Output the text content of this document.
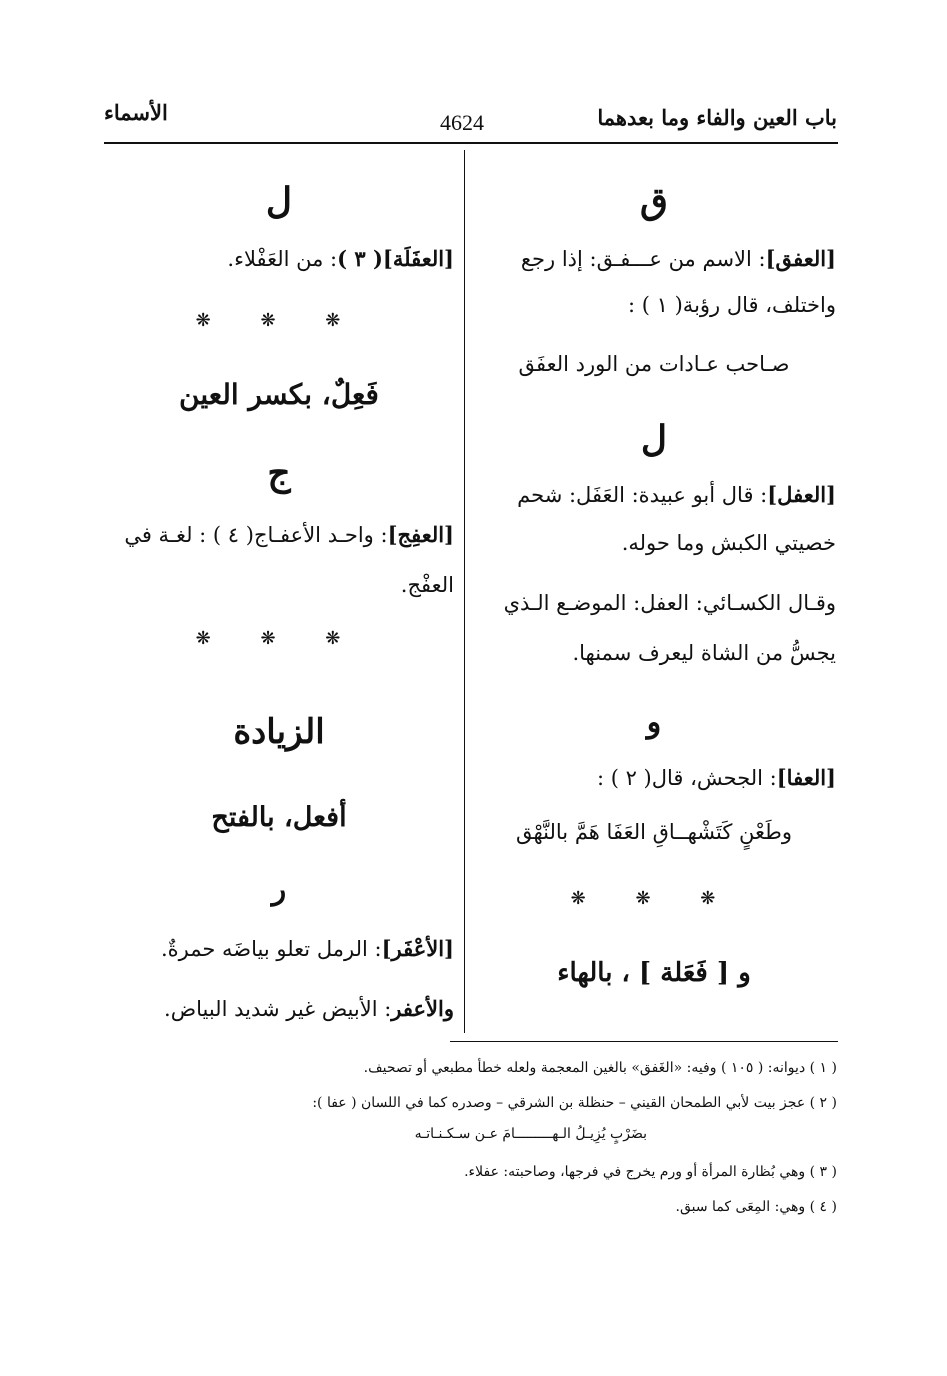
باب العين والفاء وما بعدهما
4624
الأسماء
ق
[العفق]: الاسم من عـــفـق: إذا رجع
واختلف، قال رؤبة( ١ ) :
صـاحب عـادات من الورد العفَق
ل
[العفل]: قال أبو عبيدة: العَفَل: شحم
خصيتي الكبش وما حوله.
وقـال الكسـائي: العفل: الموضـع الـذي
يجسُّ من الشاة ليعرف سمنها.
و
[العفا]: الجحش، قال( ٢ ) :
وطَعْنٍ كَتَشْهــاقِ العَفَا هَمَّ بالنَّهْق
❋ ❋ ❋
و [ فَعَلة ] ، بالهاء
ل
[العفَلَة]( ٣ ): من العَفْلاء.
❋ ❋ ❋
فَعِلٌ، بكسر العين
ج
[العفِج]: واحـد الأعفـاج( ٤ ) : لغـة في
العفْج.
❋ ❋ ❋
الزيادة
أفعل، بالفتح
ر
[الأعْفَر]: الرمل تعلو بياضَه حمرةٌ.
والأعفر: الأبيض غير شديد البياض.
( ١ ) ديوانه: ( ١٠٥ ) وفيه: «الغَفق» بالغين المعجمة ولعله خطأ مطبعي أو تصحيف.
( ٢ ) عجز بيت لأبي الطمحان القيني – حنظلة بن الشرقي – وصدره كما في اللسان ( عفا ):
بضَرْبٍ يُزِيـلُ الـهـــــــــامَ عـن سـكـنـاتـه
( ٣ ) وهي بُظارة المرأة أو ورم يخرج في فرجها، وصاحبته: عفلاء.
( ٤ ) وهي: المِعَى كما سبق.
